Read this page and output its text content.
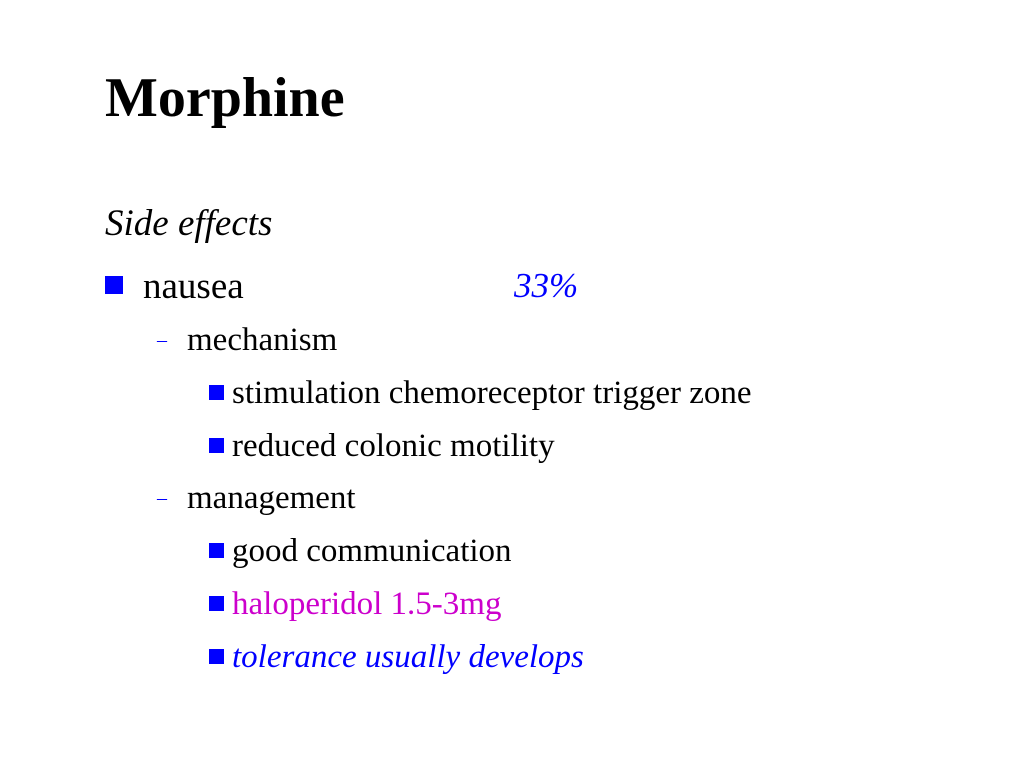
Morphine
Side effects
nausea	33%
– mechanism
stimulation chemoreceptor trigger zone
reduced colonic motility
– management
good communication
haloperidol 1.5-3mg
tolerance usually develops
